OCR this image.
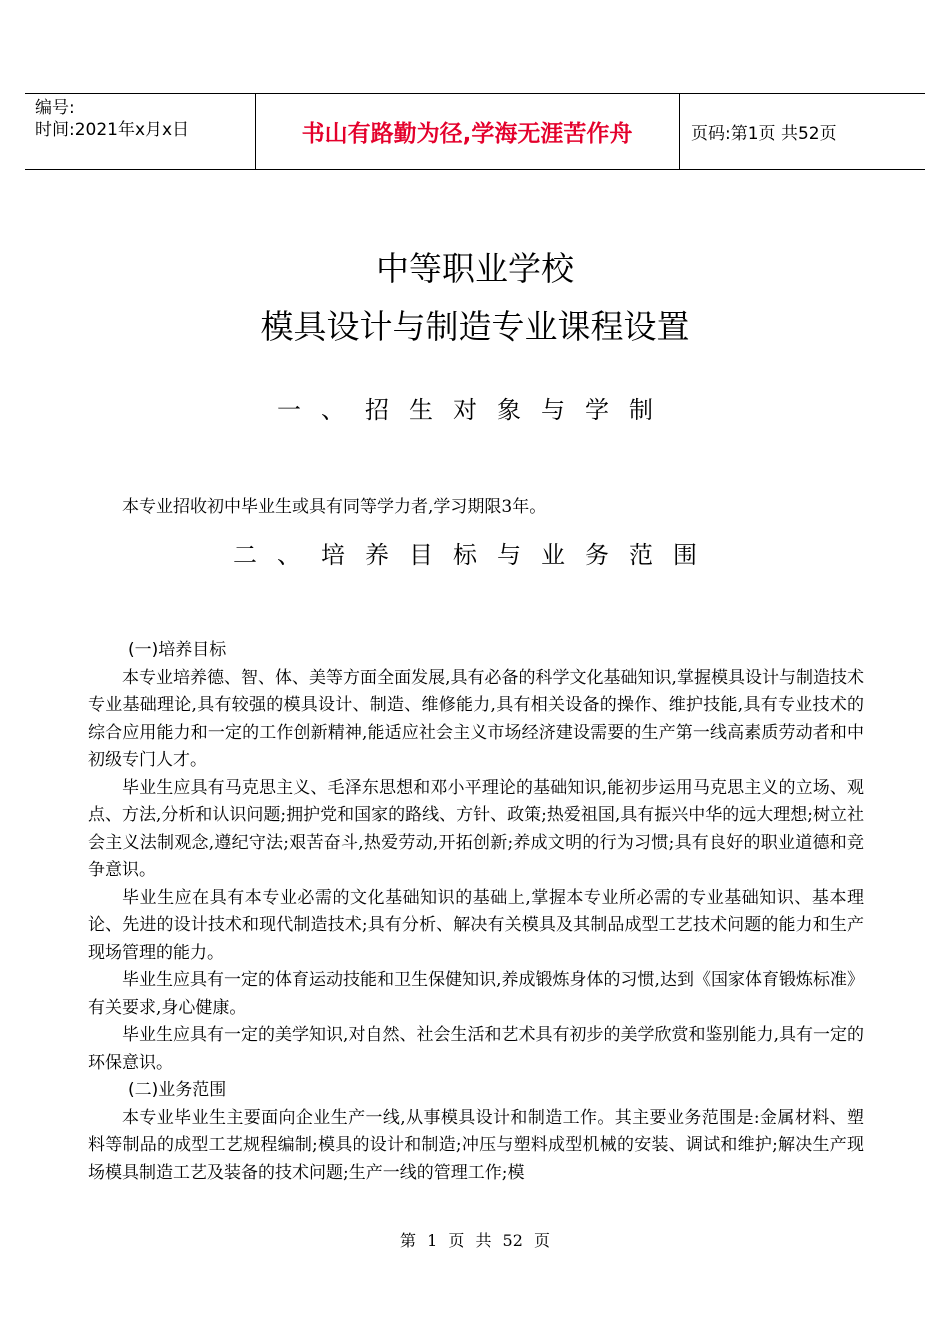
编号:
时间:2021年x月x日	书山有路勤为径,学海无涯苦作舟	页码:第1页 共52页
中等职业学校
模具设计与制造专业课程设置
一、招生对象与学制

本专业招收初中毕业生或具有同等学力者,学习期限3年。

二、培养目标与业务范围

(一)培养目标

本专业培养德、智、体、美等方面全面发展,具有必备的科学文化基础知识,掌握模具设计与制造技术专业基础理论,具有较强的模具设计、制造、维修能力,具有相关设备的操作、维护技能,具有专业技术的综合应用能力和一定的工作创新精神,能适应社会主义市场经济建设需要的生产第一线高素质劳动者和中初级专门人才。

毕业生应具有马克思主义、毛泽东思想和邓小平理论的基础知识,能初步运用马克思主义的立场、观点、方法,分析和认识问题;拥护党和国家的路线、方针、政策;热爱祖国,具有振兴中华的远大理想;树立社会主义法制观念,遵纪守法;艰苦奋斗,热爱劳动,开拓创新;养成文明的行为习惯;具有良好的职业道德和竞争意识。

毕业生应在具有本专业必需的文化基础知识的基础上,掌握本专业所必需的专业基础知识、基本理论、先进的设计技术和现代制造技术;具有分析、解决有关模具及其制品成型工艺技术问题的能力和生产现场管理的能力。

毕业生应具有一定的体育运动技能和卫生保健知识,养成锻炼身体的习惯,达到《国家体育锻炼标准》有关要求,身心健康。

毕业生应具有一定的美学知识,对自然、社会生活和艺术具有初步的美学欣赏和鉴别能力,具有一定的环保意识。

(二)业务范围

本专业毕业生主要面向企业生产一线,从事模具设计和制造工作。其主要业务范围是:金属材料、塑料等制品的成型工艺规程编制;模具的设计和制造;冲压与塑料成型机械的安装、调试和维护;解决生产现场模具制造工艺及装备的技术问题;生产一线的管理工作;模

第 1 页 共 52 页
